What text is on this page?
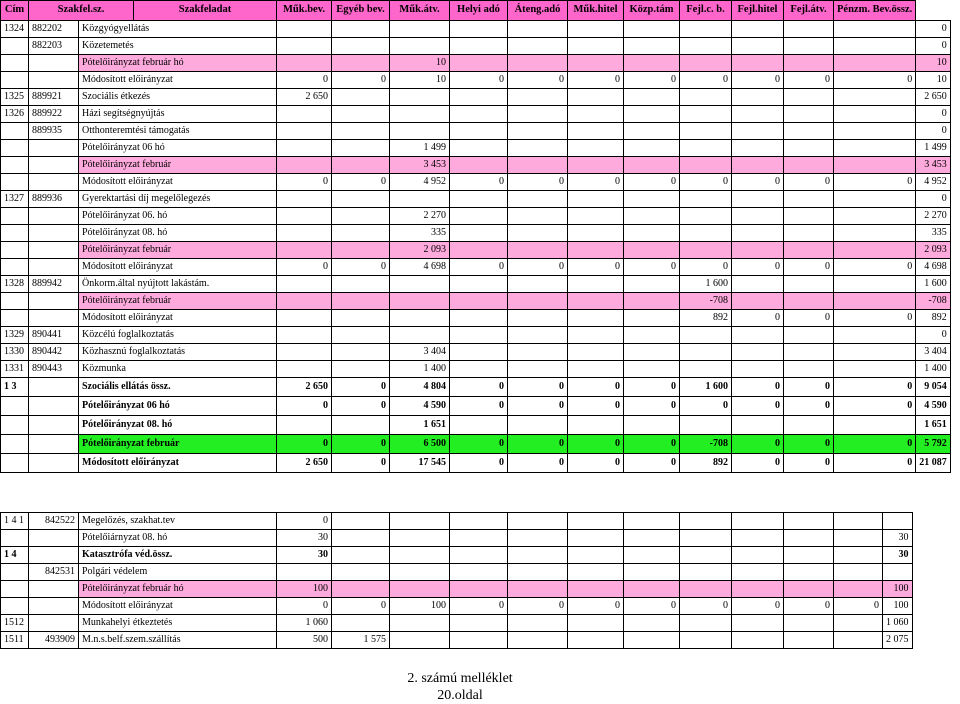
Cím	Szakfel.sz.		Szakfeladat	Műk.bev.	Egyéb bev.	Műk.átv.	Helyi adó	Áteng.adó	Műk.hitel	Közp.tám	Fejl.c. b.	Fejl.hitel	Fejl.átv.	Pénzm. Bev.össz.	
1324	882202	Közgyógyellátás													0
	882203	Közetemetés													0
		Pótelőirányzat február hó				10									10
		Módosított előirányzat		0	0	10	0	0	0	0	0	0	0	0	10
1325	889921	Szociális étkezés		2 650											2 650
1326	889922	Házi segítségnyújtás													0
	889935	Otthonteremtési támogatás													0
		Pótelőirányzat 06 hó				1 499									1 499
		Pótelőirányzat február				3 453									3 453
		Módosított előirányzat		0	0	4 952	0	0	0	0	0	0	0	0	4 952
1327	889936	Gyerektartási díj megelőlegezés													0
		Pótelőirányzat 06. hó				2 270									2 270
		Pótelőirányzat 08. hó				335									335
		Pótelőirányzat február				2 093									2 093
		Módosított előirányzat		0	0	4 698	0	0	0	0	0	0	0	0	4 698
1328	889942	Önkorm.által nyújtott lakástám.									1 600				1 600
		Pótelőirányzat február									-708				-708
		Módosított előirányzat									892	0	0	0	892
1329	890441	Közcélú foglalkoztatás													0
1330	890442	Közhasznú foglalkoztatás				3 404									3 404
1331	890443	Közmunka				1 400									1 400
1 3		Szociális ellátás össz.		2 650	0	4 804	0	0	0	0	1 600	0	0	0	9 054
		Pótelőirányzat 06 hó		0	0	4 590	0	0	0	0	0	0	0	0	4 590
		Pótelőirányzat 08. hó				1 651									1 651
		Pótelőirányzat február		0	0	6 500	0	0	0	0	-708	0	0	0	5 792
		Módosított előirányzat		2 650	0	17 545	0	0	0	0	892	0	0	0	21 087
1 4 1	842522	Megelőzés, szakhat.tev	0											
		Pótelőiárnyzat 08. hó	30											30
1 4		Katasztrófa véd.össz.	30											30
	842531	Polgári védelem												
		Pótelőirányzat február hó	100											100
		Módosított előirányzat	0	0	100	0	0	0	0	0	0	0	0	100
1512		Munkahelyi étkeztetés	1 060											1 060
1511	493909	M.n.s.belf.szem.szállítás	500	1 575										2 075
2. számú melléklet
20.oldal
